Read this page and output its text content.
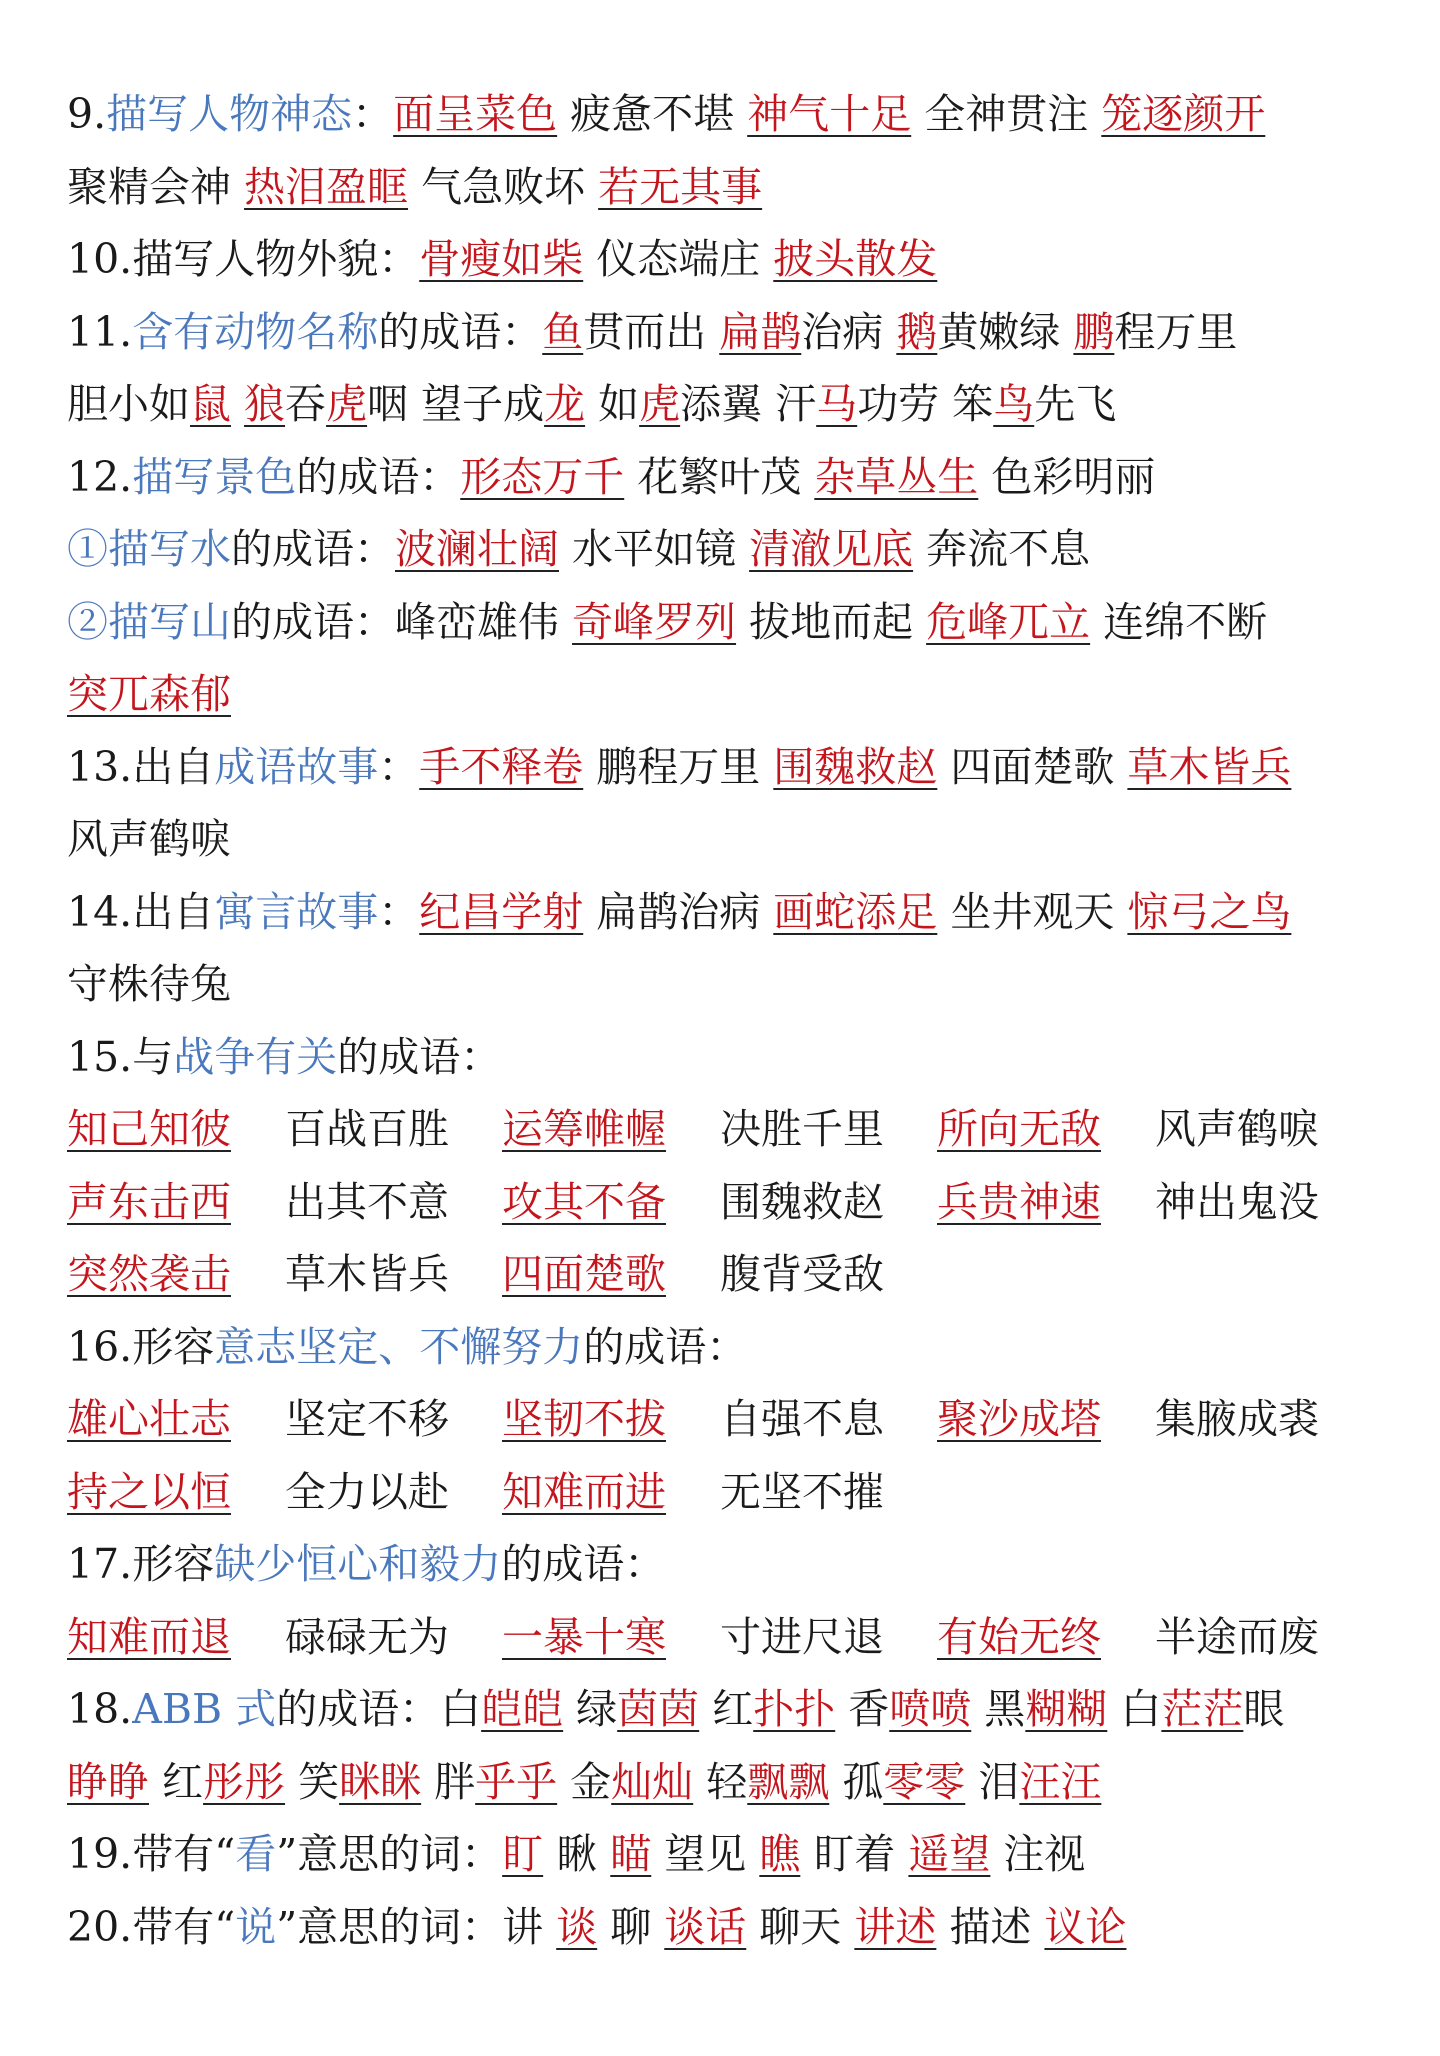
9.描写人物神态：面呈菜色 疲惫不堪 神气十足 全神贯注 笼逐颜开
聚精会神 热泪盈眶 气急败坏 若无其事
10.描写人物外貌：骨瘦如柴 仪态端庄 披头散发
11.含有动物名称的成语：鱼贯而出 扁鹊治病 鹅黄嫩绿 鹏程万里
胆小如鼠 狼吞虎咽 望子成龙 如虎添翼 汗马功劳 笨鸟先飞
12.描写景色的成语：形态万千 花繁叶茂 杂草丛生 色彩明丽
①描写水的成语：波澜壮阔 水平如镜 清澈见底 奔流不息
②描写山的成语：峰峦雄伟 奇峰罗列 拔地而起 危峰兀立 连绵不断
突兀森郁
13.出自成语故事：手不释卷 鹏程万里 围魏救赵 四面楚歌 草木皆兵
风声鹤唳
14.出自寓言故事：纪昌学射 扁鹊治病 画蛇添足 坐井观天 惊弓之鸟
守株待兔
15.与战争有关的成语：
知己知彼 百战百胜 运筹帷幄 决胜千里 所向无敌 风声鹤唳
声东击西 出其不意 攻其不备 围魏救赵 兵贵神速 神出鬼没
突然袭击 草木皆兵 四面楚歌 腹背受敌
16.形容意志坚定、不懈努力的成语：
雄心壮志 坚定不移 坚韧不拔 自强不息 聚沙成塔 集腋成裘
持之以恒 全力以赴 知难而进 无坚不摧
17.形容缺少恒心和毅力的成语：
知难而退 碌碌无为 一暴十寒 寸进尺退 有始无终 半途而废
18.ABB 式的成语：白皑皑 绿茵茵 红扑扑 香喷喷 黑糊糊 白茫茫眼
睁睁 红彤彤 笑眯眯 胖乎乎 金灿灿 轻飘飘 孤零零 泪汪汪
19.带有“看”意思的词：盯 瞅 瞄 望见 瞧 盯着 遥望 注视
20.带有“说”意思的词：讲 谈 聊 谈话 聊天 讲述 描述 议论
